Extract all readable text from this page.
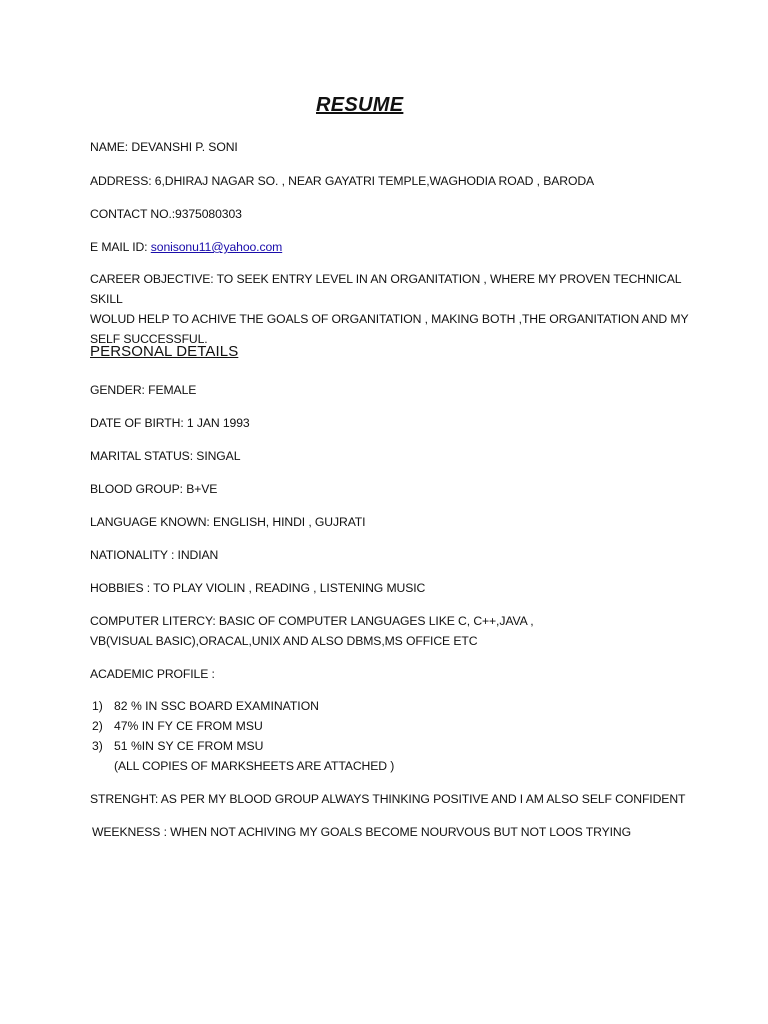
RESUME
NAME: DEVANSHI P. SONI
ADDRESS: 6,DHIRAJ NAGAR SO. , NEAR GAYATRI TEMPLE,WAGHODIA ROAD , BARODA
CONTACT NO.:9375080303
E MAIL ID: sonisonu11@yahoo.com
CAREER OBJECTIVE: TO SEEK ENTRY LEVEL IN AN ORGANITATION , WHERE MY PROVEN TECHNICAL SKILL
WOLUD HELP TO ACHIVE THE GOALS OF ORGANITATION , MAKING BOTH ,THE ORGANITATION AND MY
SELF SUCCESSFUL.
PERSONAL DETAILS
GENDER: FEMALE
DATE OF BIRTH: 1 JAN 1993
MARITAL STATUS: SINGAL
BLOOD GROUP: B+VE
LANGUAGE KNOWN: ENGLISH, HINDI , GUJRATI
NATIONALITY : INDIAN
HOBBIES : TO PLAY VIOLIN , READING , LISTENING MUSIC
COMPUTER LITERCY: BASIC OF COMPUTER LANGUAGES LIKE C, C++,JAVA ,
VB(VISUAL BASIC),ORACAL,UNIX AND ALSO DBMS,MS OFFICE ETC
ACADEMIC PROFILE :
1) 82 % IN SSC BOARD EXAMINATION
2) 47% IN FY CE FROM MSU
3) 51 %IN SY CE FROM MSU
(ALL COPIES OF MARKSHEETS ARE ATTACHED )
STRENGHT: AS PER MY BLOOD GROUP ALWAYS THINKING POSITIVE AND I AM ALSO SELF CONFIDENT
WEEKNESS : WHEN NOT ACHIVING MY GOALS BECOME NOURVOUS BUT NOT LOOS TRYING
